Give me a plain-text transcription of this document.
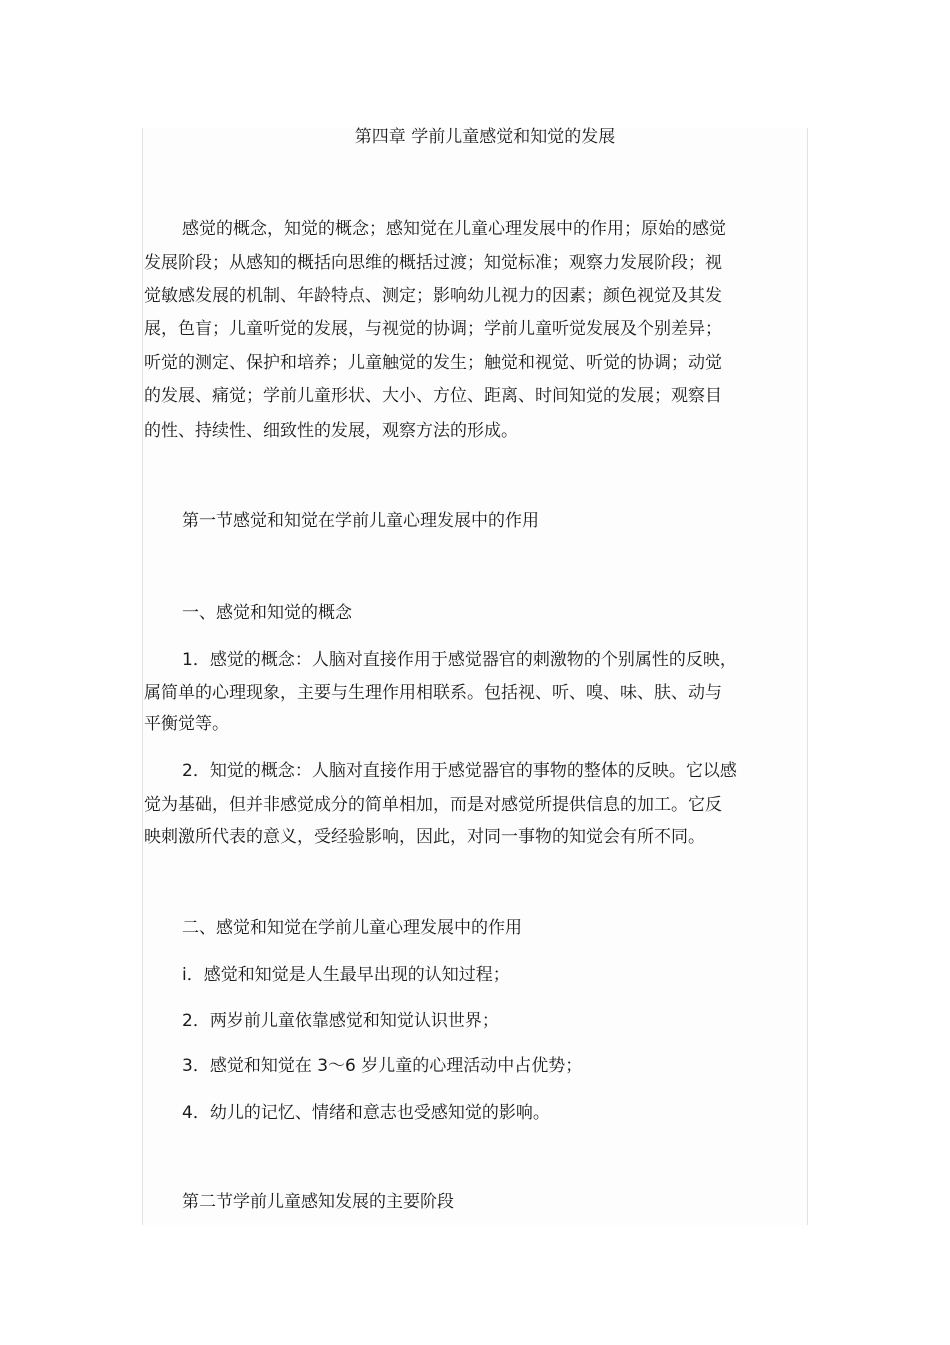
第四章 学前儿童感觉和知觉的发展
感觉的概念，知觉的概念；感知觉在儿童心理发展中的作用；原始的感觉
发展阶段；从感知的概括向思维的概括过渡；知觉标准；观察力发展阶段；视
觉敏感发展的机制、年龄特点、测定；影响幼儿视力的因素；颜色视觉及其发
展，色盲；儿童听觉的发展，与视觉的协调；学前儿童听觉发展及个别差异；
听觉的测定、保护和培养；儿童触觉的发生；触觉和视觉、听觉的协调；动觉
的发展、痛觉；学前儿童形状、大小、方位、距离、时间知觉的发展；观察目
的性、持续性、细致性的发展，观察方法的形成。
第一节感觉和知觉在学前儿童心理发展中的作用
一、感觉和知觉的概念
1．感觉的概念：人脑对直接作用于感觉器官的刺激物的个别属性的反映，
属简单的心理现象，主要与生理作用相联系。包括视、听、嗅、味、肤、动与
平衡觉等。
2．知觉的概念：人脑对直接作用于感觉器官的事物的整体的反映。它以感
觉为基础，但并非感觉成分的简单相加，而是对感觉所提供信息的加工。它反
映刺激所代表的意义，受经验影响，因此，对同一事物的知觉会有所不同。
二、感觉和知觉在学前儿童心理发展中的作用
i．感觉和知觉是人生最早出现的认知过程；
2．两岁前儿童依靠感觉和知觉认识世界；
3．感觉和知觉在 3～6 岁儿童的心理活动中占优势；
4．幼儿的记忆、情绪和意志也受感知觉的影响。
第二节学前儿童感知发展的主要阶段
